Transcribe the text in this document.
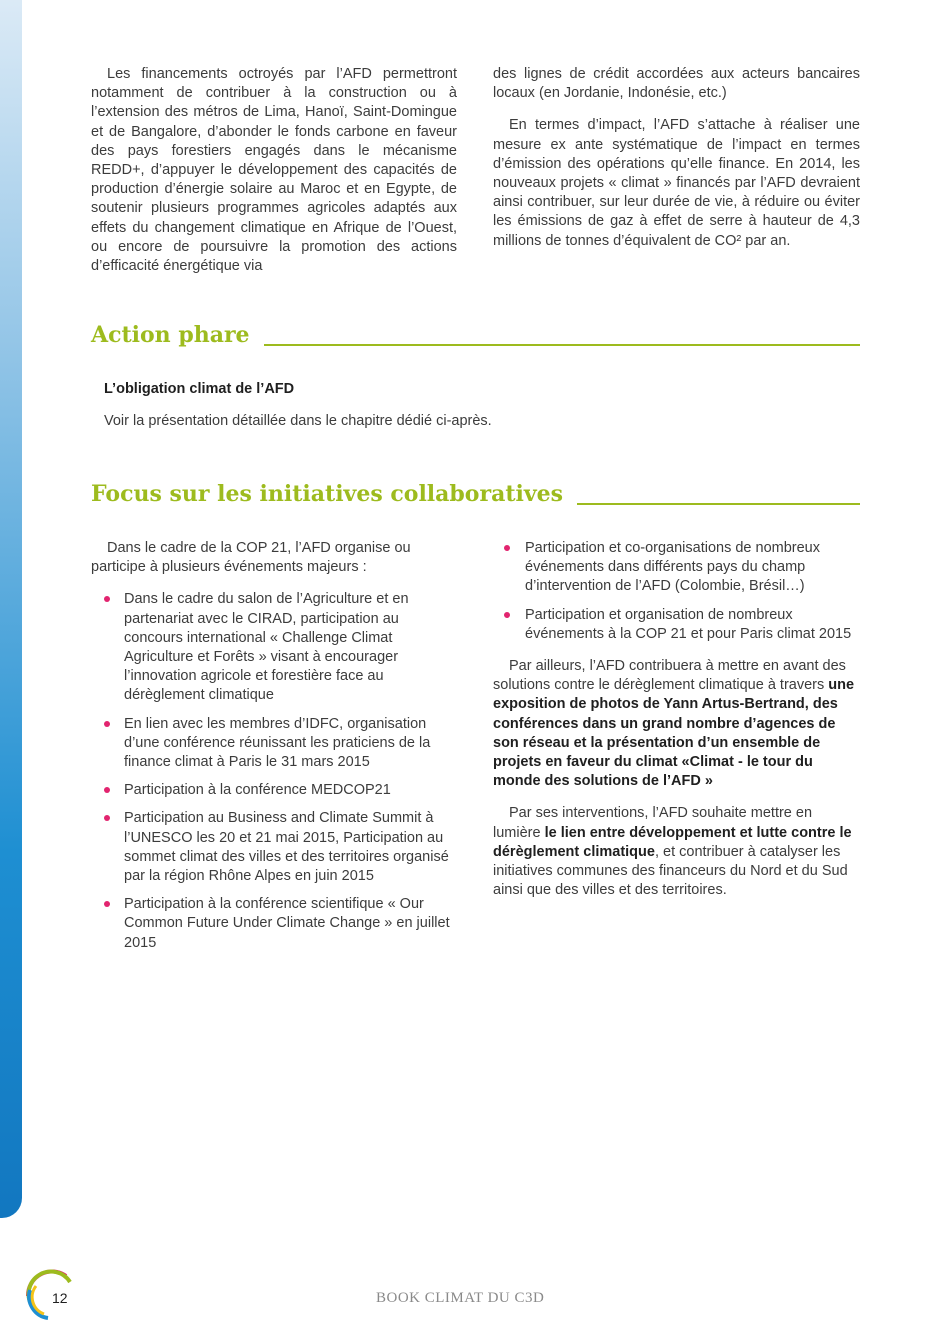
Les financements octroyés par l’AFD permettront notamment de contribuer à la construction ou à l’extension des métros de Lima, Hanoï, Saint-Domingue et de Bangalore, d’abonder le fonds carbone en faveur des pays forestiers engagés dans le mécanisme REDD+, d’appuyer le développement des capacités de production d’énergie solaire au Maroc et en Egypte, de soutenir plusieurs programmes agricoles adaptés aux effets du changement climatique en Afrique de l’Ouest, ou encore de poursuivre la promotion des actions d’efficacité énergétique via

des lignes de crédit accordées aux acteurs bancaires locaux (en Jordanie, Indonésie, etc.)

En termes d’impact, l’AFD s’attache à réaliser une mesure ex ante systématique de l’impact en termes d’émission des opérations qu’elle finance. En 2014, les nouveaux projets « climat » financés par l’AFD devraient ainsi contribuer, sur leur durée de vie, à réduire ou éviter les émissions de gaz à effet de serre à hauteur de 4,3 millions de tonnes d’équivalent de CO² par an.

Action phare
L’obligation climat de l’AFD
Voir la présentation détaillée dans le chapitre dédié ci-après.
Focus sur les initiatives collaboratives

Dans le cadre de la COP 21, l’AFD organise ou participe à plusieurs événements majeurs :

Dans le cadre du salon de l’Agriculture et en partenariat avec le CIRAD, participation au concours international « Challenge Climat Agriculture et Forêts » visant à encourager l’innovation agricole et forestière face au dérèglement climatique
En lien avec les membres d’IDFC, organisation d’une conférence réunissant les praticiens de la finance climat à Paris le 31 mars 2015
Participation à la conférence MEDCOP21
Participation au Business and Climate Summit à l’UNESCO les 20 et 21 mai 2015, Participation au sommet climat des villes et des territoires organisé par la région Rhône Alpes en juin 2015
Participation à la conférence scientifique « Our Common Future Under Climate Change » en juillet 2015
Participation et co-organisations de nombreux événements dans différents pays du champ d’intervention de l’AFD (Colombie, Brésil…)
Participation et organisation de nombreux événements à la COP 21 et pour Paris climat 2015

Par ailleurs, l’AFD contribuera à mettre en avant des solutions contre le dérèglement climatique à travers une exposition de photos de Yann Artus-Bertrand, des conférences dans un grand nombre d’agences de son réseau et la présentation d’un ensemble de projets en faveur du climat «Climat - le tour du monde des solutions de l’AFD »

Par ses interventions, l’AFD souhaite mettre en lumière le lien entre développement et lutte contre le dérèglement climatique, et contribuer à catalyser les initiatives communes des financeurs du Nord et du Sud ainsi que des villes et des territoires.

12	BOOK CLIMAT DU C3D
